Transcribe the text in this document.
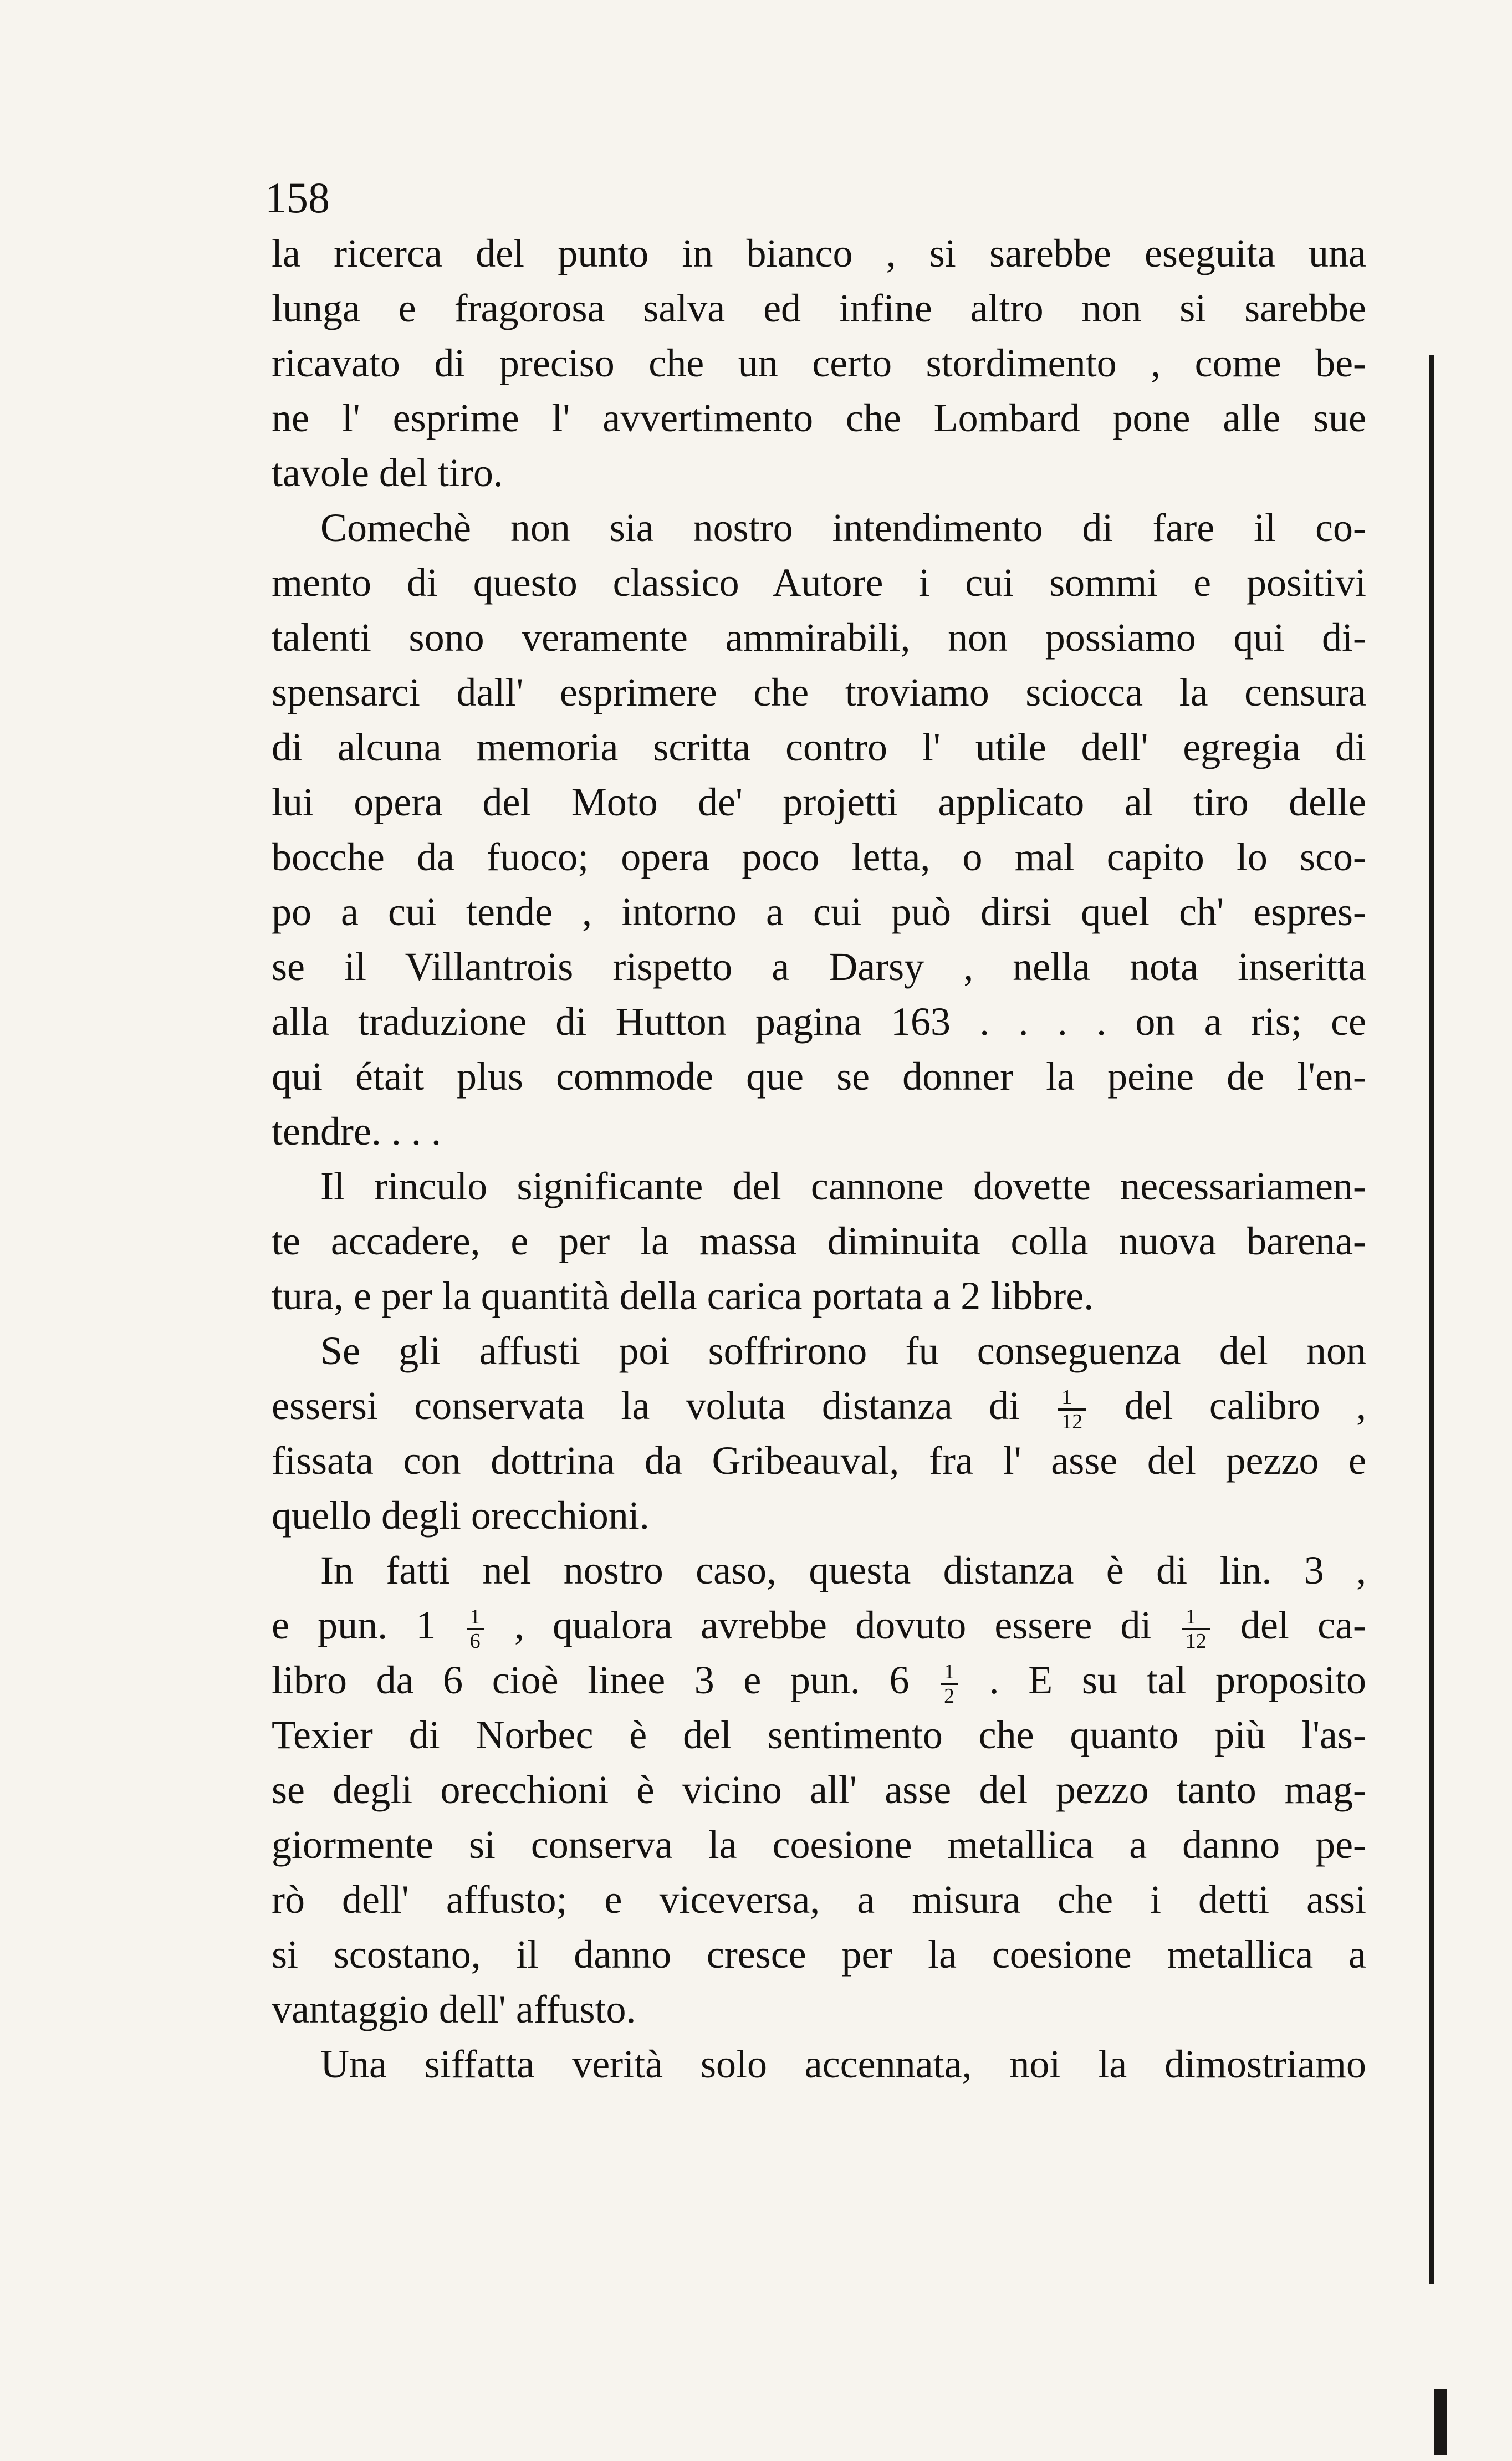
158
la ricerca del punto in bianco , si sarebbe eseguita una
lunga e fragorosa salva ed infine altro non si sarebbe
ricavato di preciso che un certo stordimento , come be-
ne l' esprime l' avvertimento che Lombard pone alle sue
tavole del tiro.
Comechè non sia nostro intendimento di fare il co-
mento di questo classico Autore i cui sommi e positivi
talenti sono veramente ammirabili, non possiamo qui di-
spensarci dall' esprimere che troviamo sciocca la censura
di alcuna memoria scritta contro l' utile dell' egregia di
lui opera del Moto de' projetti applicato al tiro delle
bocche da fuoco; opera poco letta, o mal capito lo sco-
po a cui tende , intorno a cui può dirsi quel ch' espres-
se il Villantrois rispetto a Darsy , nella nota inseritta
alla traduzione di Hutton pagina 163 . . . . on a ris; ce
qui était plus commode que se donner la peine de l'en-
tendre. . . .
Il rinculo significante del cannone dovette necessariamen-
te accadere, e per la massa diminuita colla nuova barena-
tura, e per la quantità della carica portata a 2 libbre.
Se gli affusti poi soffrirono fu conseguenza del non
essersi conservata la voluta distanza di $\frac{1}{12}$ del calibro ,
fissata con dottrina da Gribeauval, fra l' asse del pezzo e
quello degli orecchioni.
In fatti nel nostro caso, questa distanza è di lin. 3 ,
e pun. $1 \frac{1}{6}$ , qualora avrebbe dovuto essere di $\frac{1}{12}$ del ca-
libro da 6 cioè linee 3 e pun. $6 \frac{1}{2}$ . E su tal proposito
Texier di Norbec è del sentimento che quanto più l'as-
se degli orecchioni è vicino all' asse del pezzo tanto mag-
giormente si conserva la coesione metallica a danno pe-
rò dell' affusto; e viceversa, a misura che i detti assi
si scostano, il danno cresce per la coesione metallica a
vantaggio dell' affusto.
Una siffatta verità solo accennata, noi la dimostriamo
